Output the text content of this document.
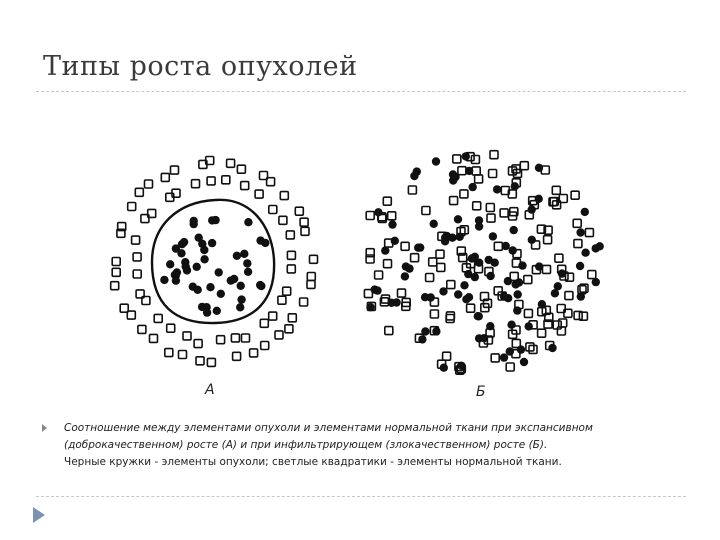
Типы роста опухолей
А	Б
Соотношение между элементами опухоли и элементами нормальной ткани при экспансивном
(доброкачественном) росте (А) и при инфильтрирующем (злокачественном) росте (Б).
Черные кружки - элементы опухоли; светлые квадратики - элементы нормальной ткани.
